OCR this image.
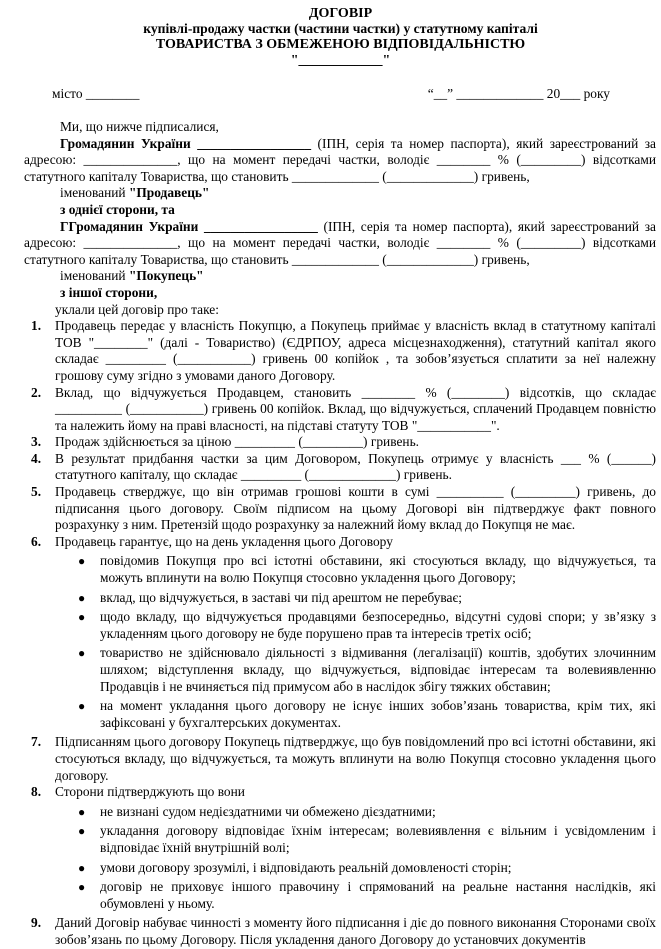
ДОГОВІР
купівлі-продажу частки (частини частки) у статутному капіталі
ТОВАРИСТВА З ОБМЕЖЕНОЮ ВІДПОВІДАЛЬНІСТЮ
"____________"
місто ________	“__” _____________ 20___ року

Ми, що нижче підписалися,

Громадянин України _________________ (ІПН, серія та номер паспорта), який зареєстрований за адресою: ______________, що на момент передачі частки, володіє ________ % (_________) відсотками статутного капіталу Товариства, що становить _____________ (_____________) гривень,

іменований "Продавець"

з однієї сторони, та

ГГромадянин України _________________ (ІПН, серія та номер паспорта), який зареєстрований за адресою: ______________, що на момент передачі частки, володіє ________ % (_________) відсотками статутного капіталу Товариства, що становить _____________ (_____________) гривень,

іменований "Покупець"

з іншої сторони,

уклали цей договір про таке:

1. Продавець передає у власність Покупцю, а Покупець приймає у власність вклад в статутному капіталі ТОВ "________" (далі - Товариство) (ЄДРПОУ, адреса місцезнаходження), статутний капітал якого складає _________ (___________) гривень 00 копійок , та зобов’язується сплатити за неї належну грошову суму згідно з умовами даного Договору.
2. Вклад, що відчужується Продавцем, становить ________ % (________) відсотків, що складає __________ (___________) гривень 00 копійок. Вклад, що відчужується, сплачений Продавцем повністю та належить йому на праві власності, на підставі статуту ТОВ "___________".
3. Продаж здійснюється за ціною _________ (_________) гривень.
4. В результат придбання частки за цим Договором, Покупець отримує у власність ___ % (______) статутного капіталу, що складає _________ (_____________) гривень.
5. Продавець стверджує, що він отримав грошові кошти в сумі __________ (_________) гривень, до підписання цього договору. Своїм підписом на цьому Договорі він підтверджує факт повного розрахунку з ним. Претензій щодо розрахунку за належний йому вклад до Покупця не має.
6. Продавець гарантує, що на день укладення цього Договору
● повідомив Покупця про всі істотні обставини, які стосуються вкладу, що відчужується, та можуть вплинути на волю Покупця стосовно укладення цього Договору;
● вклад, що відчужується, в заставі чи під арештом не перебуває;
● щодо вкладу, що відчужується продавцями безпосередньо, відсутні судові спори; у зв’язку з укладенням цього договору не буде порушено прав та інтересів третіх осіб;
● товариство не здійснювало діяльності з відмивання (легалізації) коштів, здобутих злочинним шляхом; відступлення вкладу, що відчужується, відповідає інтересам та волевиявленню Продавців і не вчиняється під примусом або в наслідок збігу тяжких обставин;
● на момент укладання цього договору не існує інших зобов’язань товариства, крім тих, які зафіксовані у бухгалтерських документах.
7. Підписанням цього договору Покупець підтверджує, що був повідомлений про всі істотні обставини, які стосуються вкладу, що відчужується, та можуть вплинути на волю Покупця стосовно укладення цього договору.
8. Сторони підтверджують що вони
● не визнані судом недієздатними чи обмежено дієздатними;
● укладання договору відповідає їхнім інтересам; волевиявлення є вільним і усвідомленим і відповідає їхній внутрішній волі;
● умови договору зрозумілі, і відповідають реальній домовленості сторін;
● договір не приховує іншого правочину і спрямований на реальне настання наслідків, які обумовлені у ньому.
9. Даний Договір набуває чинності з моменту його підписання і діє до повного виконання Сторонами своїх зобов’язань по цьому Договору. Після укладення даного Договору до установчих документів
